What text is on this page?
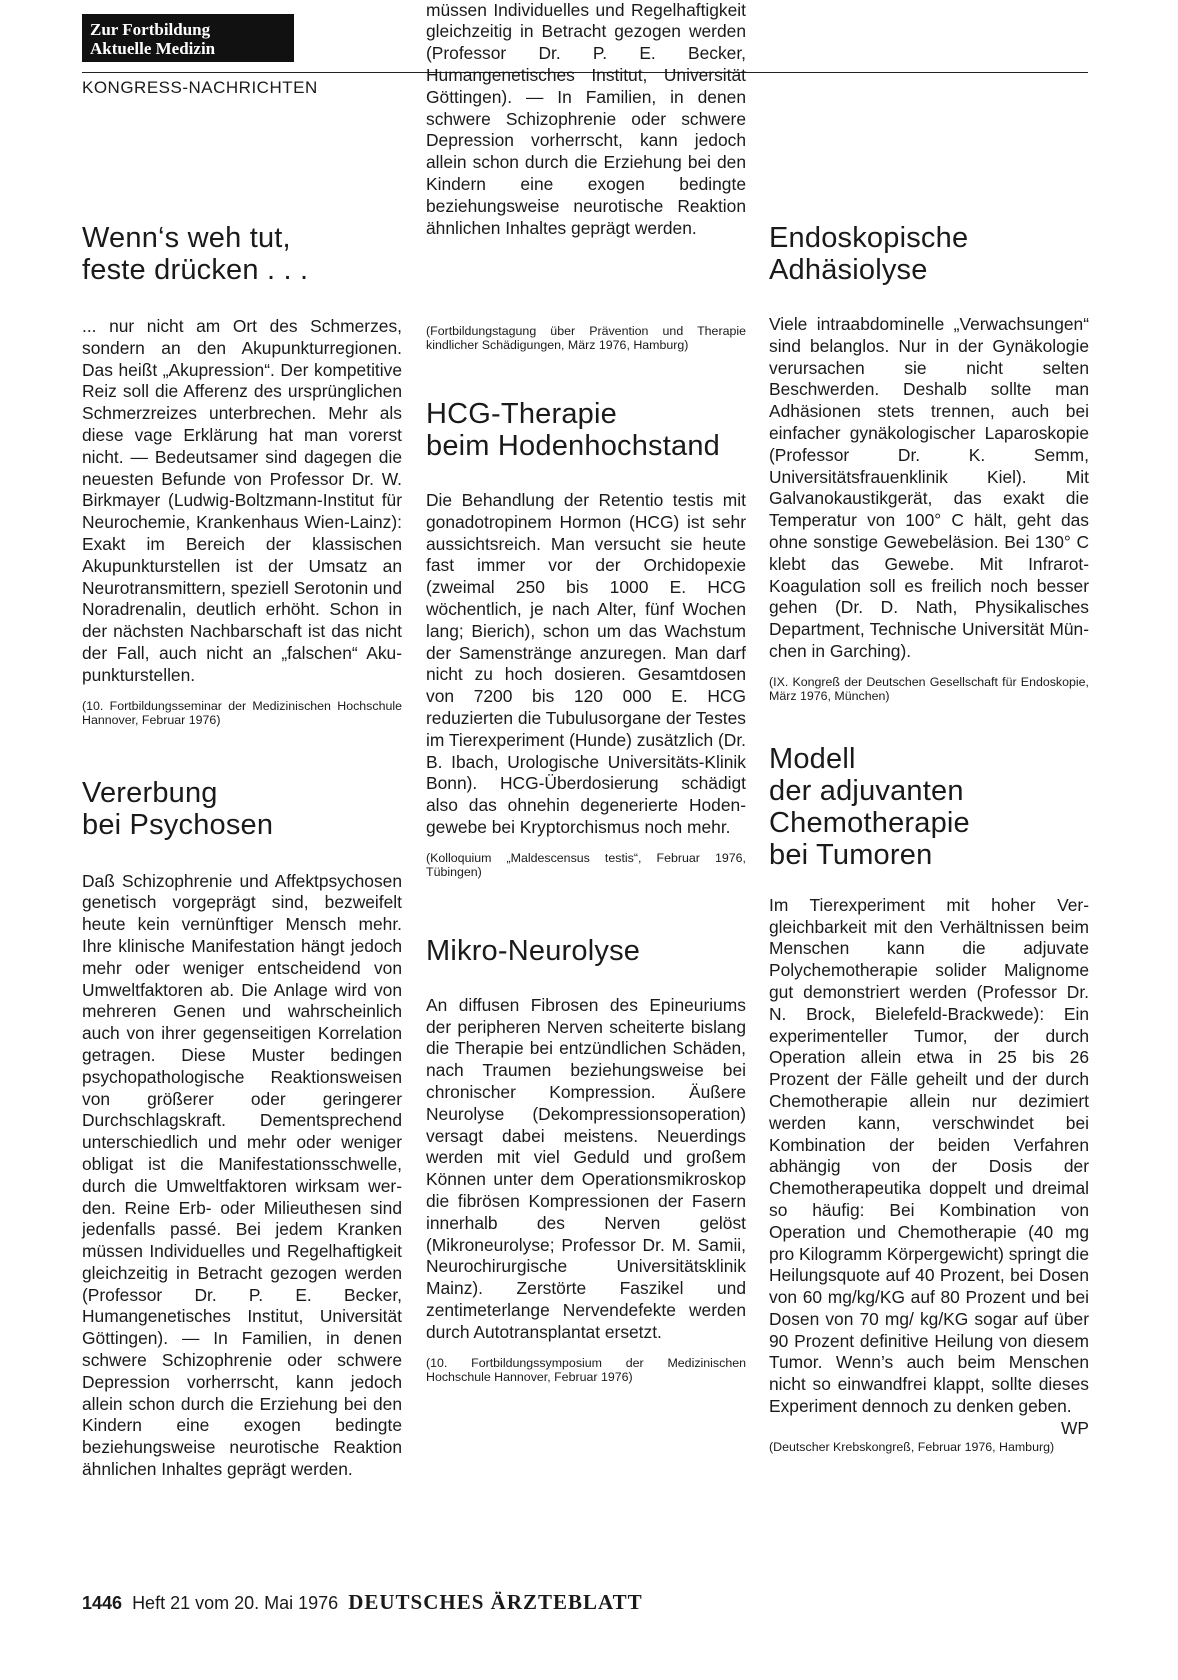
Zur Fortbildung
Aktuelle Medizin
KONGRESS-NACHRICHTEN
Wenn‘s weh tut,
feste drücken . . .

... nur nicht am Ort des Schmerzes, sondern an den Akupunkturregionen. Das heißt „Akupression“. Der kompetitive Reiz soll die Afferenz des ursprünglichen Schmerzreizes unterbrechen. Mehr als diese vage Erklärung hat man vorerst nicht. — Bedeutsamer sind dagegen die neuesten Befunde von Professor Dr. W. Birkmayer (Ludwig-Boltzmann-Institut für Neurochemie, Krankenhaus Wien-Lainz): Exakt im Bereich der klassischen Akupunkturstellen ist der Umsatz an Neurotransmittern, speziell Serotonin und Noradrenalin, deutlich erhöht. Schon in der nächsten Nachbarschaft ist das nicht der Fall, auch nicht an „falschen“ Akupunkturstellen.

(10. Fortbildungsseminar der Medizinischen Hochschule Hannover, Februar 1976)

Vererbung
bei Psychosen

Daß Schizophrenie und Affektpsychosen genetisch vorgeprägt sind, bezweifelt heute kein vernünftiger Mensch mehr. Ihre klinische Manifestation hängt jedoch mehr oder weniger entscheidend von Umweltfaktoren ab. Die Anlage wird von mehreren Genen und wahrscheinlich auch von ihrer gegenseitigen Korrelation getragen. Diese Muster bedingen psychopathologische Reaktionsweisen von größerer oder geringerer Durchschlagskraft. Dementsprechend unterschiedlich und mehr oder weniger obligat ist die Manifestationsschwelle, durch die Umweltfaktoren wirksam werden. Reine Erb- oder Milieuthesen sind jedenfalls passé. Bei jedem Kranken müssen Individuelles und Regelhaftigkeit gleichzeitig in Betracht gezogen werden (Professor Dr. P. E. Becker, Humangenetisches Institut, Universität Göttingen). — In Familien, in denen schwere Schizophrenie oder schwere Depression vorherrscht, kann jedoch allein schon durch die Erziehung bei den Kindern eine exogen bedingte beziehungsweise neurotische Reaktion ähnlichen Inhaltes geprägt werden.

müssen Individuelles und Regelhaftigkeit gleichzeitig in Betracht gezogen werden (Professor Dr. P. E. Becker, Humangenetisches Institut, Universität Göttingen). — In Familien, in denen schwere Schizophrenie oder schwere Depression vorherrscht, kann jedoch allein schon durch die Erziehung bei den Kindern eine exogen bedingte beziehungsweise neurotische Reaktion ähnlichen Inhaltes geprägt werden.

(Fortbildungstagung über Prävention und Therapie kindlicher Schädigungen, März 1976, Hamburg)

HCG-Therapie
beim Hodenhochstand

Die Behandlung der Retentio testis mit gonadotropinem Hormon (HCG) ist sehr aussichtsreich. Man versucht sie heute fast immer vor der Orchidopexie (zweimal 250 bis 1000 E. HCG wöchentlich, je nach Alter, fünf Wochen lang; Bierich), schon um das Wachstum der Samenstränge anzuregen. Man darf nicht zu hoch dosieren. Gesamtdosen von 7200 bis 120 000 E. HCG reduzierten die Tubulusorgane der Testes im Tierexperiment (Hunde) zusätzlich (Dr. B. Ibach, Urologische Universitäts-Klinik Bonn). HCG-Überdosierung schädigt also das ohnehin degenerierte Hodengewebe bei Kryptorchismus noch mehr.

(Kolloquium „Maldescensus testis“, Februar 1976, Tübingen)

Mikro-Neurolyse

An diffusen Fibrosen des Epineuriums der peripheren Nerven scheiterte bislang die Therapie bei entzündlichen Schäden, nach Traumen beziehungsweise bei chronischer Kompression. Äußere Neurolyse (Dekompressionsoperation) versagt dabei meistens. Neuerdings werden mit viel Geduld und großem Können unter dem Operationsmikroskop die fibrösen Kompressionen der Fasern innerhalb des Nerven gelöst (Mikroneurolyse; Professor Dr. M. Samii, Neurochirurgische Universitätsklinik Mainz). Zerstörte Faszikel und zentimeterlange Nervendefekte werden durch Autotransplantat ersetzt.

(10. Fortbildungssymposium der Medizinischen Hochschule Hannover, Februar 1976)

Endoskopische
Adhäsiolyse

Viele intraabdominelle „Verwachsungen“ sind belanglos. Nur in der Gynäkologie verursachen sie nicht selten Beschwerden. Deshalb sollte man Adhäsionen stets trennen, auch bei einfacher gynäkologischer Laparoskopie (Professor Dr. K. Semm, Universitätsfrauenklinik Kiel). Mit Galvanokaustikgerät, das exakt die Temperatur von 100° C hält, geht das ohne sonstige Gewebeläsion. Bei 130° C klebt das Gewebe. Mit Infrarot-Koagulation soll es freilich noch besser gehen (Dr. D. Nath, Physikalisches Department, Technische Universität München in Garching).

(IX. Kongreß der Deutschen Gesellschaft für Endoskopie, März 1976, München)

Modell
der adjuvanten
Chemotherapie
bei Tumoren

Im Tierexperiment mit hoher Vergleichbarkeit mit den Verhältnissen beim Menschen kann die adjuvate Polychemotherapie solider Malignome gut demonstriert werden (Professor Dr. N. Brock, Bielefeld-Brackwede): Ein experimenteller Tumor, der durch Operation allein etwa in 25 bis 26 Prozent der Fälle geheilt und der durch Chemotherapie allein nur dezimiert werden kann, verschwindet bei Kombination der beiden Verfahren abhängig von der Dosis der Chemotherapeutika doppelt und dreimal so häufig: Bei Kombination von Operation und Chemotherapie (40 mg pro Kilogramm Körpergewicht) springt die Heilungsquote auf 40 Prozent, bei Dosen von 60 mg/kg/KG auf 80 Prozent und bei Dosen von 70 mg/ kg/KG sogar auf über 90 Prozent definitive Heilung von diesem Tumor. Wenn’s auch beim Menschen nicht so einwandfrei klappt, sollte dieses Experiment dennoch zu denken geben.
WP

(Deutscher Krebskongreß, Februar 1976, Hamburg)

1446 Heft 21 vom 20. Mai 1976 DEUTSCHES ÄRZTEBLATT
